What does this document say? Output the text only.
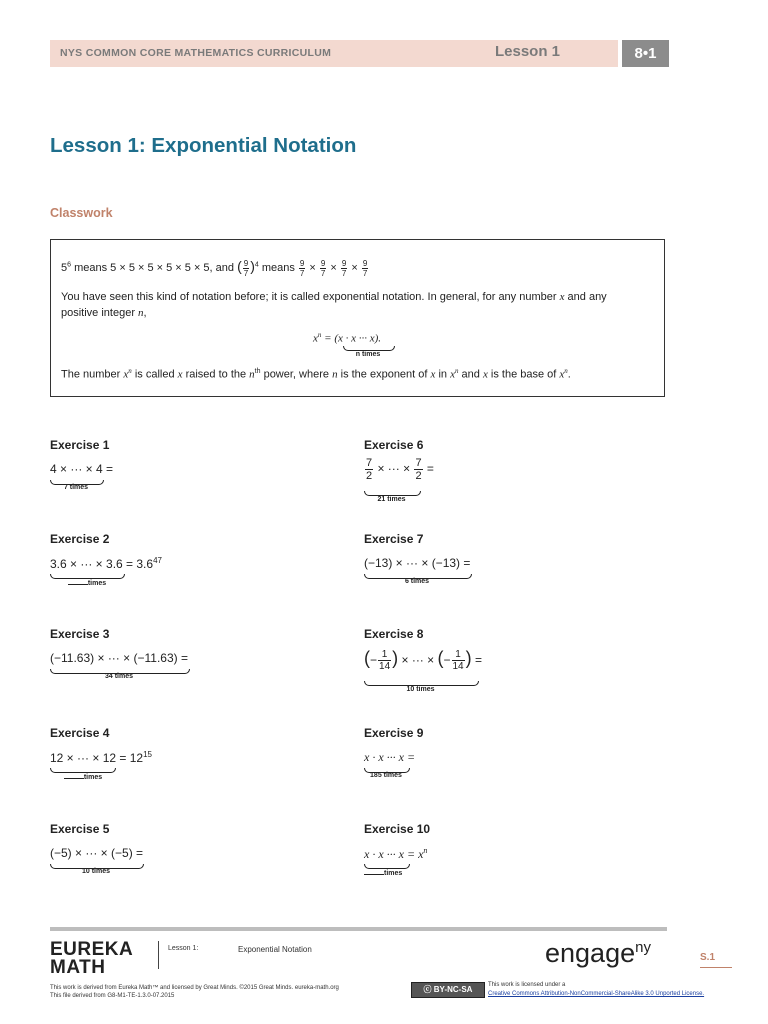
NYS COMMON CORE MATHEMATICS CURRICULUM	Lesson 1	8•1
Lesson 1: Exponential Notation
Classwork
$5^6$ means 5 × 5 × 5 × 5 × 5 × 5, and ( $\frac{9}{7} )^4$ means $\frac{9}{7} \times \frac{9}{7} \times \frac{9}{7} \times \frac{9}{7}$
You have seen this kind of notation before; it is called exponential notation. In general, for any number x and any
positive integer n,
$x^n = (x \cdot x$ ··· x).
n times
The number $x^n$ is called x raised to the $n^{th}$ power, where n is the exponent of x in $x^n$ and x is the base of $x^n$.
Exercise 1
4 × ··· × 4 =
7 times
Exercise 2
3.6 × ··· × $3.6 = 3.6^{47}$
times
Exercise 3
(−11.63) × ··· × (−11.63) =
34 times
Exercise 4
12 × ··· × $12 = 12^{15}$
times
Exercise 5
(−5) × ··· × (−5) =
10 times
Exercise 6
$\frac{7}{2}$ × ··· × $\frac{7}{2}$ =
21 times
Exercise 7
(−13) × ··· × (−13) =
6 times
Exercise 8
(− $\frac{1}{14}$ ) × ··· × (− $\frac{1}{14}$ ) =
10 times
Exercise 9
x · x ··· x =
185 times
Exercise 10
x · x ··· $x = x^n$
times
EUREKA
MATH
Lesson 1:	Exponential Notation	engage$^{ny}$
S.1
This work is derived from Eureka Math™ and licensed by Great Minds. ©2015 Great Minds. eureka-math.org
This file derived from G8-M1-TE-1.3.0-07.2015
ⓒ BY-NC-SA	This work is licensed under a
Creative Commons Attribution-NonCommercial-ShareAlike 3.0 Unported License.
